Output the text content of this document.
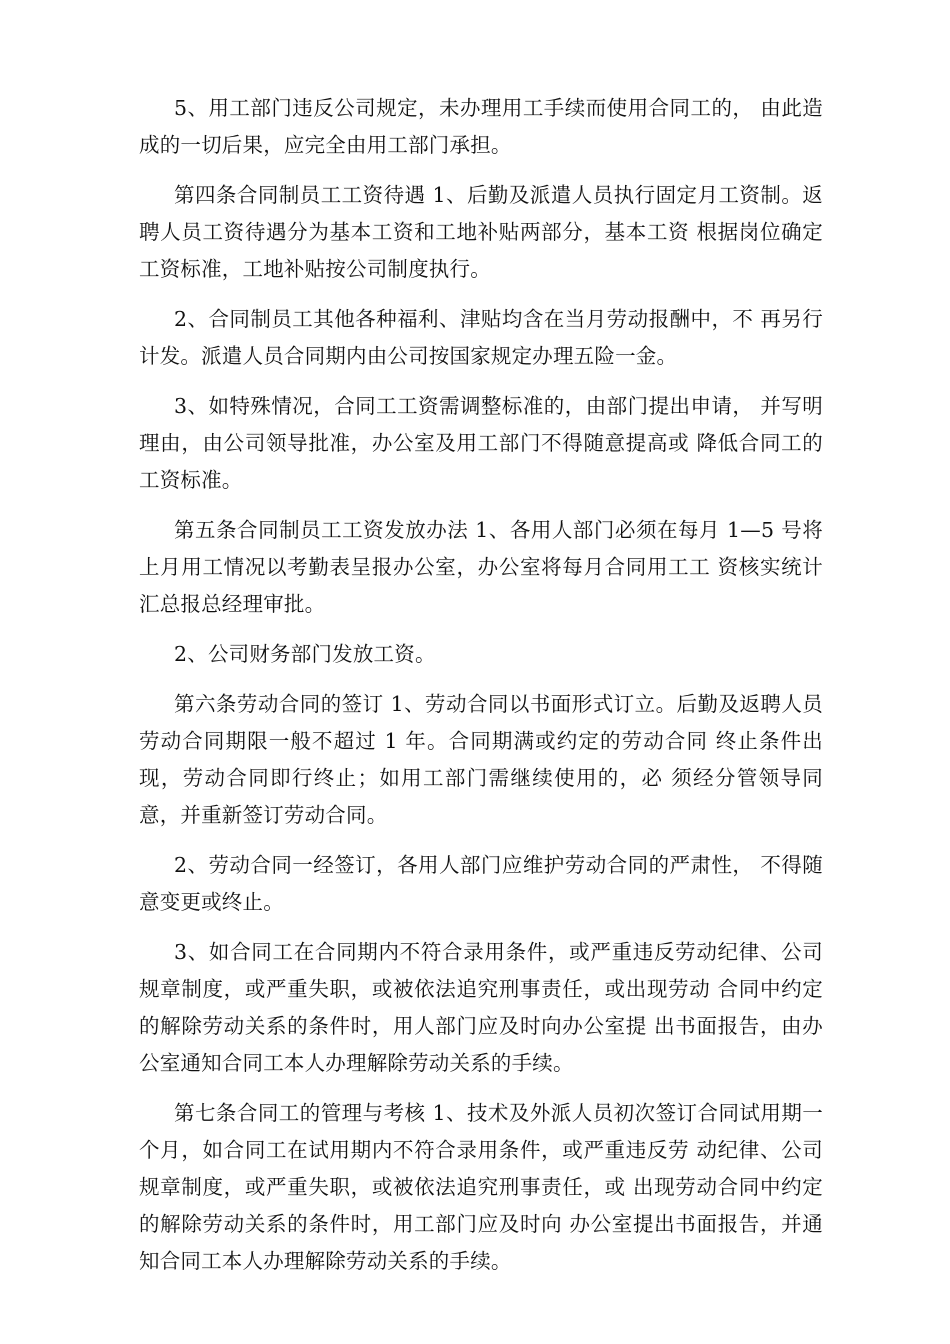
5、用工部门违反公司规定，未办理用工手续而使用合同工的， 由此造成的一切后果，应完全由用工部门承担。

第四条合同制员工工资待遇 1、后勤及派遣人员执行固定月工资制。返聘人员工资待遇分为基本工资和工地补贴两部分，基本工资 根据岗位确定工资标准，工地补贴按公司制度执行。

2、合同制员工其他各种福利、津贴均含在当月劳动报酬中，不 再另行计发。派遣人员合同期内由公司按国家规定办理五险一金。

3、如特殊情况，合同工工资需调整标准的，由部门提出申请， 并写明理由，由公司领导批准，办公室及用工部门不得随意提高或 降低合同工的工资标准。

第五条合同制员工工资发放办法 1、各用人部门必须在每月 1—5 号将上月用工情况以考勤表呈报办公室，办公室将每月合同用工工 资核实统计汇总报总经理审批。

2、公司财务部门发放工资。

第六条劳动合同的签订 1、劳动合同以书面形式订立。后勤及返聘人员劳动合同期限一般不超过 1 年。合同期满或约定的劳动合同 终止条件出现，劳动合同即行终止；如用工部门需继续使用的，必 须经分管领导同意，并重新签订劳动合同。

2、劳动合同一经签订，各用人部门应维护劳动合同的严肃性， 不得随意变更或终止。

3、如合同工在合同期内不符合录用条件，或严重违反劳动纪律、公司规章制度，或严重失职，或被依法追究刑事责任，或出现劳动 合同中约定的解除劳动关系的条件时，用人部门应及时向办公室提 出书面报告，由办公室通知合同工本人办理解除劳动关系的手续。

第七条合同工的管理与考核 1、技术及外派人员初次签订合同试用期一个月，如合同工在试用期内不符合录用条件，或严重违反劳 动纪律、公司规章制度，或严重失职，或被依法追究刑事责任，或 出现劳动合同中约定的解除劳动关系的条件时，用工部门应及时向 办公室提出书面报告，并通知合同工本人办理解除劳动关系的手续。
